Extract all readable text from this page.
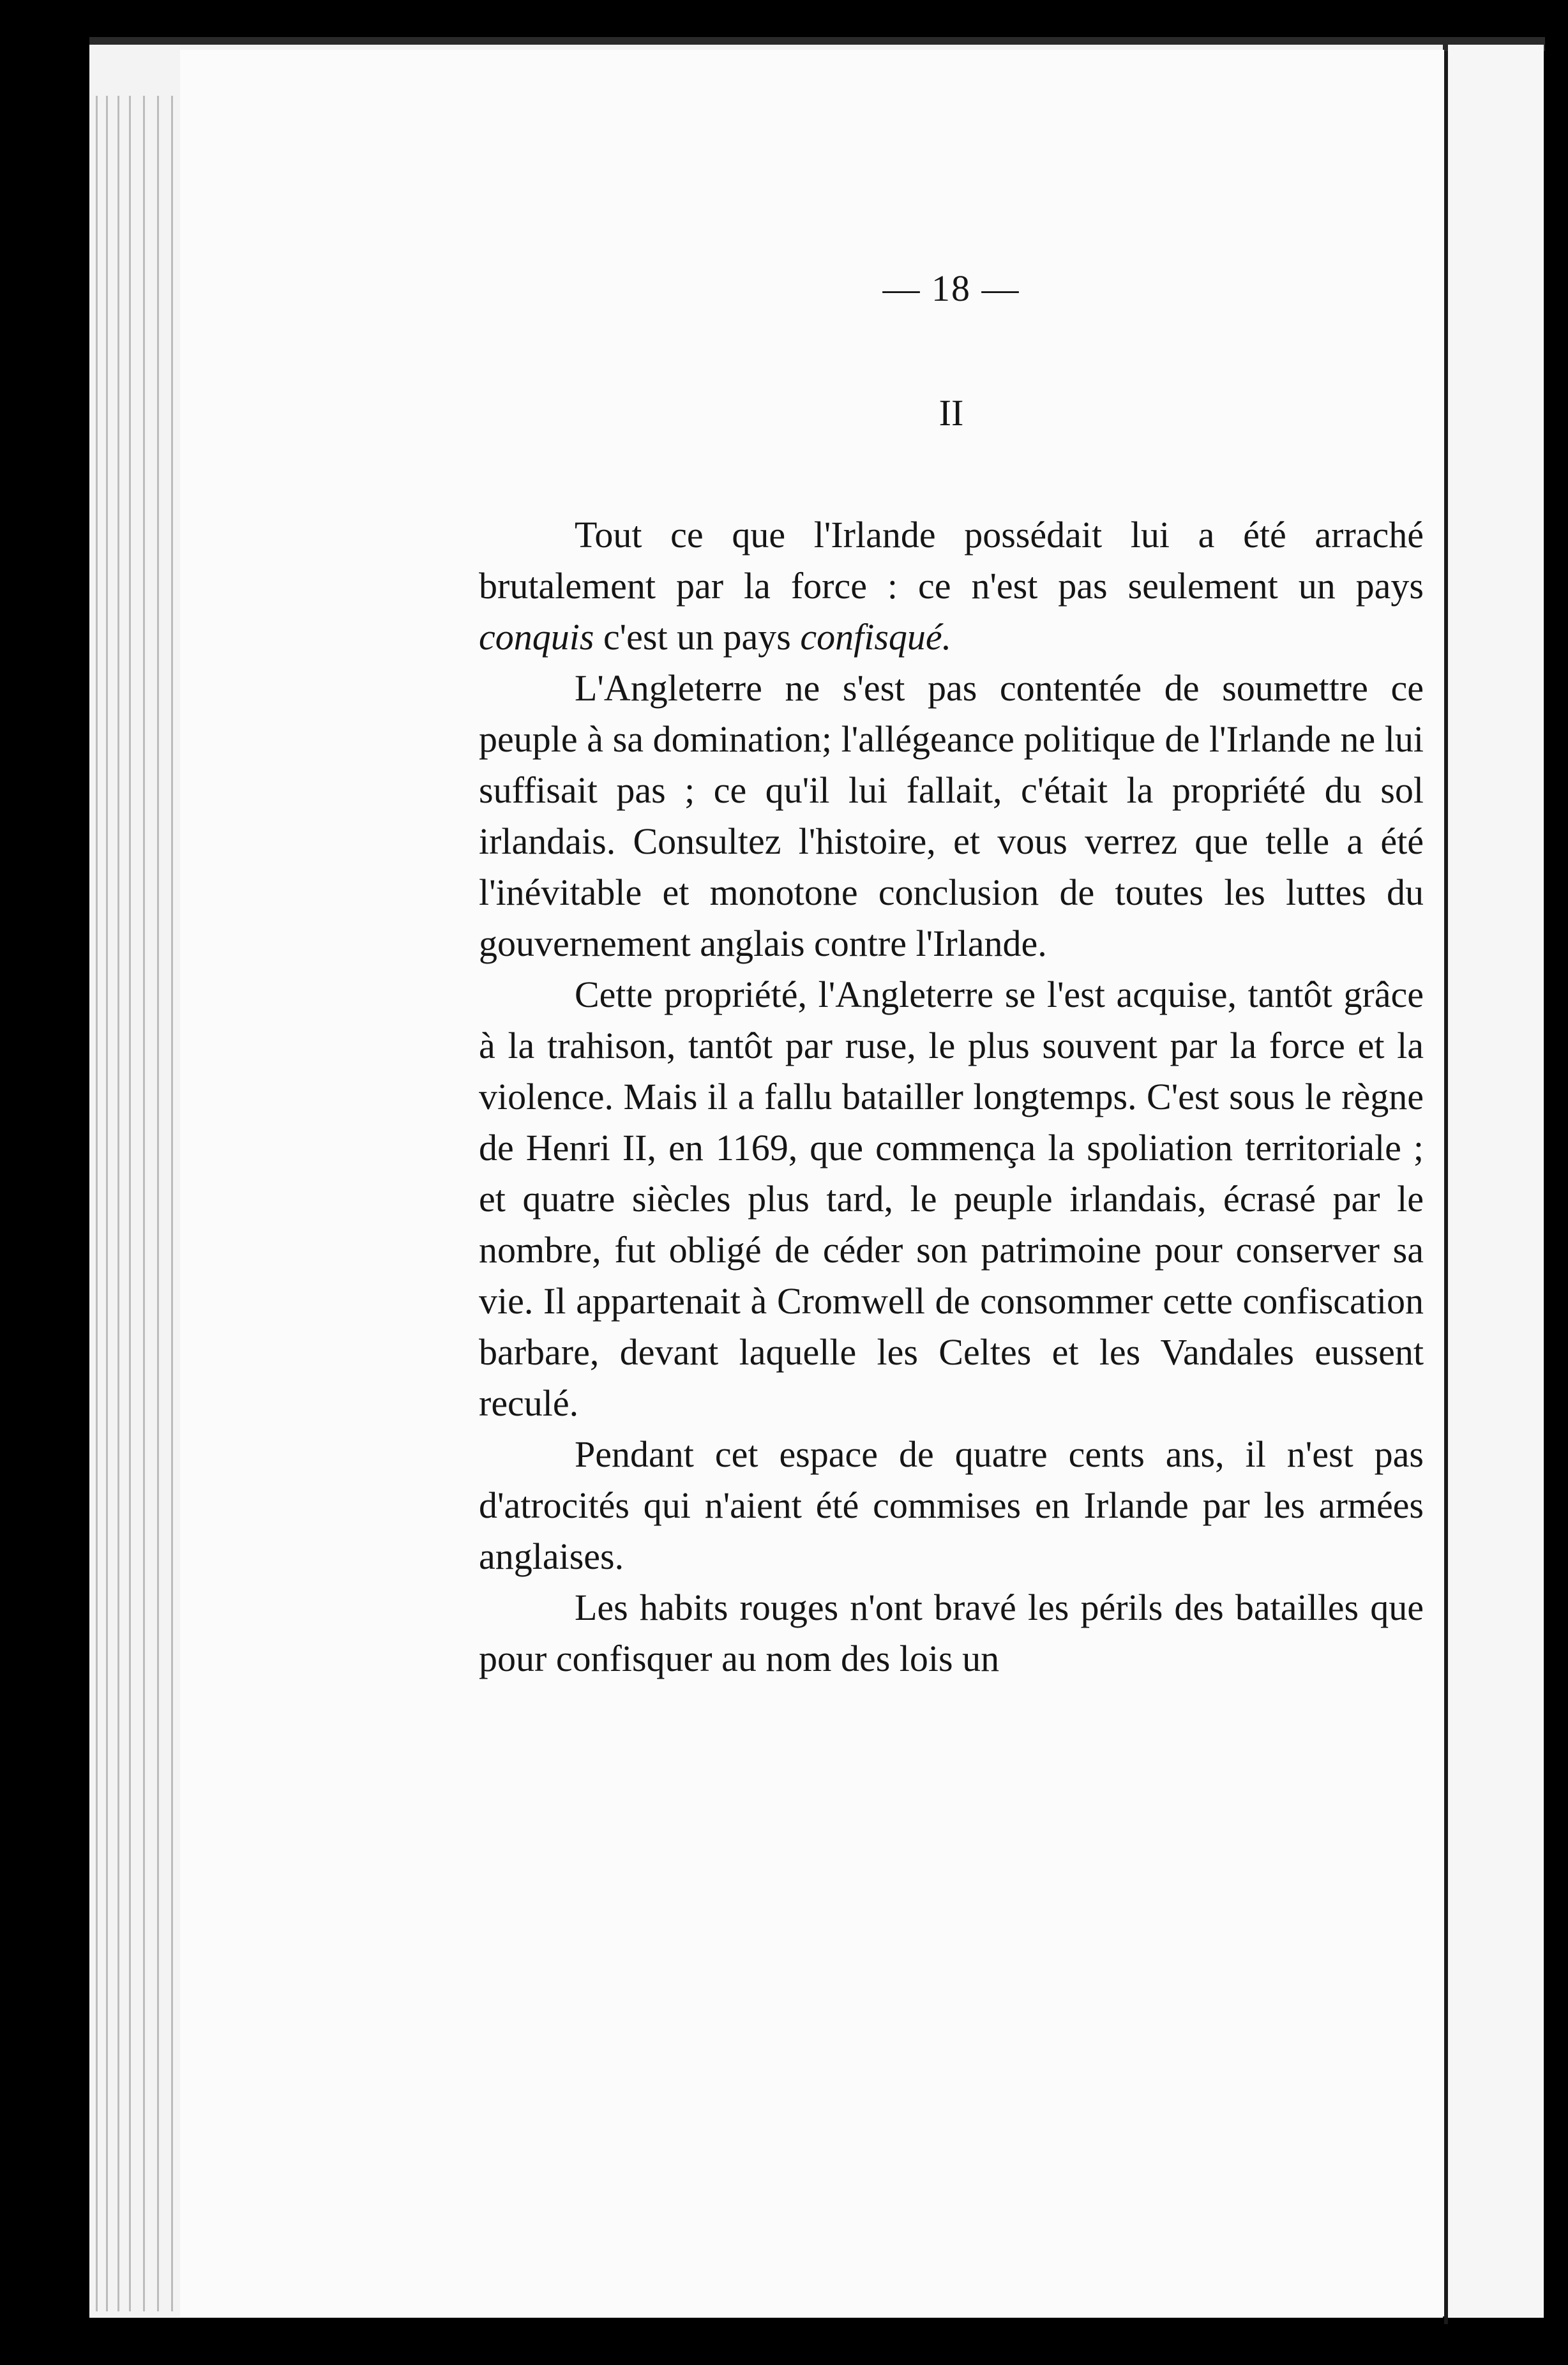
— 18 —
II

Tout ce que l'Irlande possédait lui a été arraché brutalement par la force : ce n'est pas seulement un pays conquis c'est un pays confisqué.

L'Angleterre ne s'est pas contentée de soumettre ce peuple à sa domination; l'allégeance politique de l'Irlande ne lui suffisait pas ; ce qu'il lui fallait, c'était la propriété du sol irlandais. Consultez l'histoire, et vous verrez que telle a été l'inévitable et monotone conclusion de toutes les luttes du gouvernement anglais contre l'Irlande.

Cette propriété, l'Angleterre se l'est acquise, tantôt grâce à la trahison, tantôt par ruse, le plus souvent par la force et la violence. Mais il a fallu batailler longtemps. C'est sous le règne de Henri II, en 1169, que commença la spoliation territoriale ; et quatre siècles plus tard, le peuple irlandais, écrasé par le nombre, fut obligé de céder son patrimoine pour conserver sa vie. Il appartenait à Cromwell de consommer cette confiscation barbare, devant laquelle les Celtes et les Vandales eussent reculé.

Pendant cet espace de quatre cents ans, il n'est pas d'atrocités qui n'aient été commises en Irlande par les armées anglaises.

Les habits rouges n'ont bravé les périls des batailles que pour confisquer au nom des lois un
